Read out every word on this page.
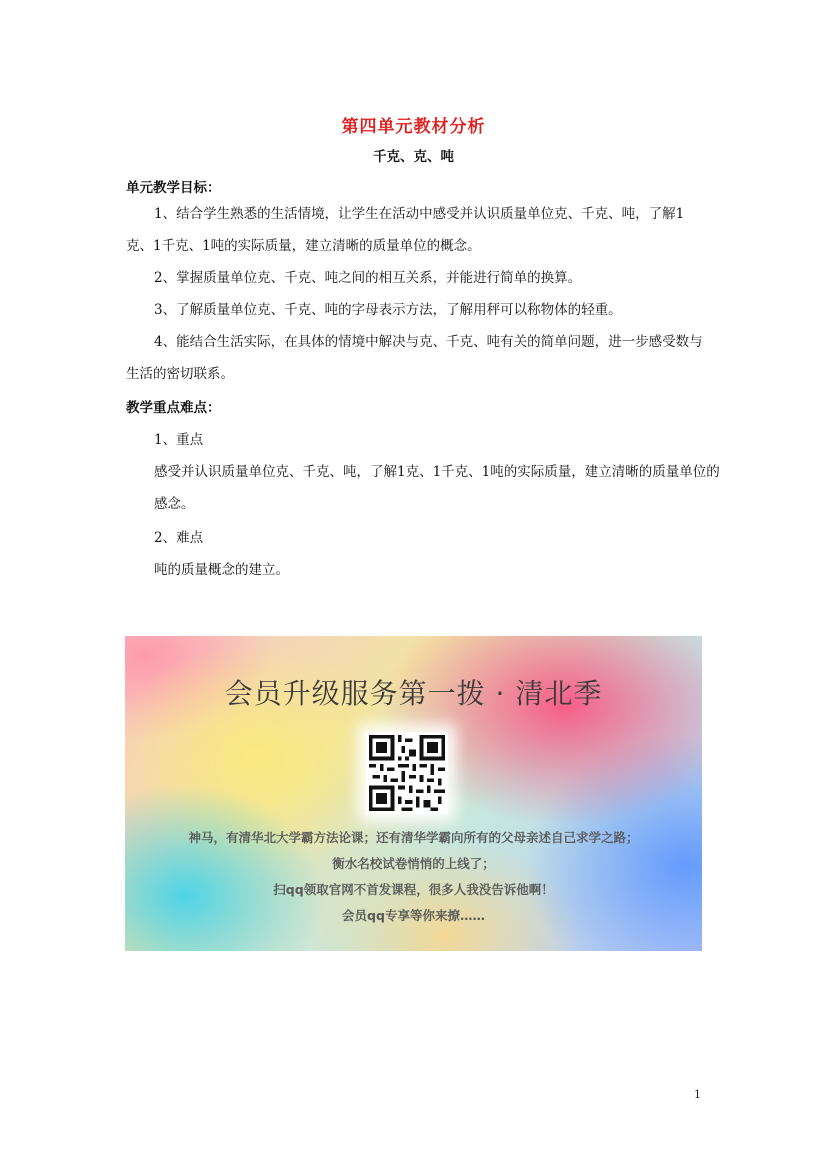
第四单元教材分析
千克、克、吨
单元教学目标：
1、结合学生熟悉的生活情境，让学生在活动中感受并认识质量单位克、千克、吨，了解1克、1千克、1吨的实际质量，建立清晰的质量单位的概念。
2、掌握质量单位克、千克、吨之间的相互关系，并能进行简单的换算。
3、了解质量单位克、千克、吨的字母表示方法，了解用秤可以称物体的轻重。
4、能结合生活实际，在具体的情境中解决与克、千克、吨有关的简单问题，进一步感受数与生活的密切联系。
教学重点难点：
1、重点
感受并认识质量单位克、千克、吨，了解1克、1千克、1吨的实际质量，建立清晰的质量单位的感念。
2、难点
吨的质量概念的建立。
会员升级服务第一拨 · 清北季
神马，有清华北大学霸方法论课；还有清华学霸向所有的父母亲述自己求学之路；
衡水名校试卷悄悄的上线了；
扫qq领取官网不首发课程，很多人我没告诉他啊！
会员qq专享等你来撩……
1
